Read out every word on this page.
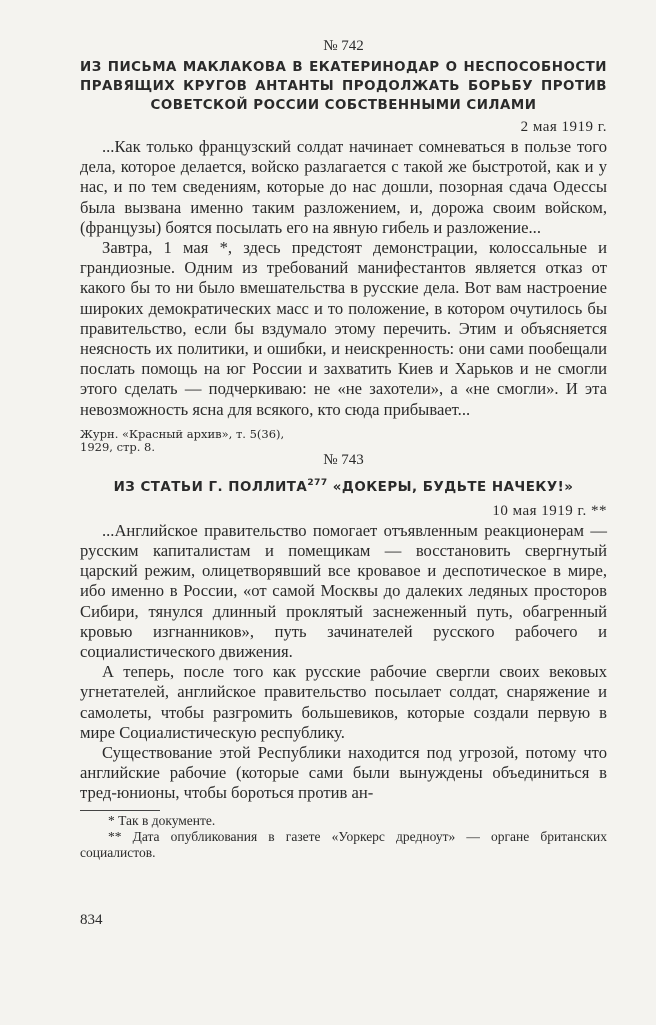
№ 742

ИЗ ПИСЬМА МАКЛАКОВА В ЕКАТЕРИНОДАР О НЕСПОСОБНОСТИ ПРАВЯЩИХ КРУГОВ АНТАНТЫ ПРОДОЛЖАТЬ БОРЬБУ ПРОТИВ СОВЕТСКОЙ РОССИИ СОБСТВЕННЫМИ СИЛАМИ

2 мая 1919 г.

...Как только французский солдат начинает сомневаться в пользе того дела, которое делается, войско разлагается с такой же быстротой, как и у нас, и по тем сведениям, которые до нас дошли, позорная сдача Одессы была вызвана именно таким разложением, и, дорожа своим войском, (французы) боятся посылать его на явную гибель и разложение...

Завтра, 1 мая *, здесь предстоят демонстрации, колоссальные и грандиозные. Одним из требований манифестантов является отказ от какого бы то ни было вмешательства в русские дела. Вот вам настроение широких демократических масс и то положение, в котором очутилось бы правительство, если бы вздумало этому перечить. Этим и объясняется неясность их политики, и ошибки, и неискренность: они сами пообещали послать помощь на юг России и захватить Киев и Харьков и не смогли этого сделать — подчеркиваю: не «не захотели», а «не смогли». И эта невозможность ясна для всякого, кто сюда прибывает...

Журн. «Красный архив», т. 5(36),
1929, стр. 8.

№ 743

ИЗ СТАТЬИ Г. ПОЛЛИТА$^{277}$ «ДОКЕРЫ, БУДЬТЕ НАЧЕКУ!»

10 мая 1919 г. **

...Английское правительство помогает отъявленным реакционерам — русским капиталистам и помещикам — восстановить свергнутый царский режим, олицетворявший все кровавое и деспотическое в мире, ибо именно в России, «от самой Москвы до далеких ледяных просторов Сибири, тянулся длинный проклятый заснеженный путь, обагренный кровью изгнанников», путь зачинателей русского рабочего и социалистического движения.

А теперь, после того как русские рабочие свергли своих вековых угнетателей, английское правительство посылает солдат, снаряжение и самолеты, чтобы разгромить большевиков, которые создали первую в мире Социалистическую республику.

Существование этой Республики находится под угрозой, потому что английские рабочие (которые сами были вынуждены объединиться в тред-юнионы, чтобы бороться против ан-

* Так в документе.

** Дата опубликования в газете «Уоркерс дредноут» — органе британских социалистов.

834
